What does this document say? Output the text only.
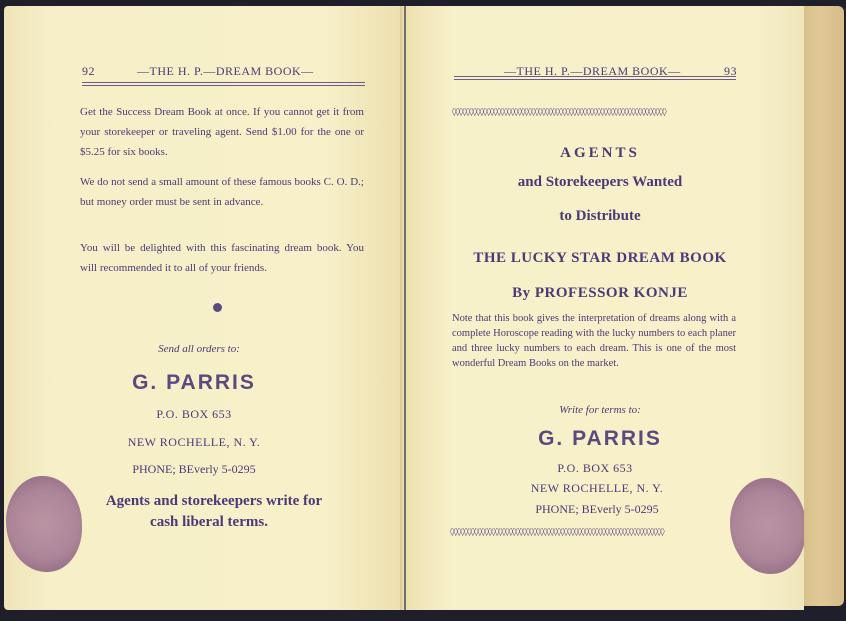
92	—THE H. P.—DREAM BOOK—
Get the Success Dream Book at once. If you cannot get it from your storekeeper or traveling agent. Send $1.00 for the one or $5.25 for six books.
We do not send a small amount of these famous books C. O. D.; but money order must be sent in advance.
You will be delighted with this fascinating dream book. You will recommended it to all of your friends.
Send all orders to:
G. PARRIS
P.O. BOX 653
NEW ROCHELLE, N. Y.
PHONE; BEverly 5-0295
Agents and storekeepers write for
cash liberal terms.
—THE H. P.—DREAM BOOK—	93
◊◊◊◊◊◊◊◊◊◊◊◊◊◊◊◊◊◊◊◊◊◊◊◊◊◊◊◊◊◊◊◊◊◊◊◊◊◊◊◊◊◊◊◊◊◊◊◊◊◊◊◊◊◊◊◊◊◊◊◊◊◊
AGENTS
and Storekeepers Wanted
to Distribute
THE LUCKY STAR DREAM BOOK
By PROFESSOR KONJE
Note that this book gives the interpretation of dreams along with a complete Horoscope reading with the lucky numbers to each planer and three lucky numbers to each dream. This is one of the most wonderful Dream Books on the market.
Write for terms to:
G. PARRIS
P.O. BOX 653
NEW ROCHELLE, N. Y.
PHONE; BEverly 5-0295
◊◊◊◊◊◊◊◊◊◊◊◊◊◊◊◊◊◊◊◊◊◊◊◊◊◊◊◊◊◊◊◊◊◊◊◊◊◊◊◊◊◊◊◊◊◊◊◊◊◊◊◊◊◊◊◊◊◊◊◊◊◊
